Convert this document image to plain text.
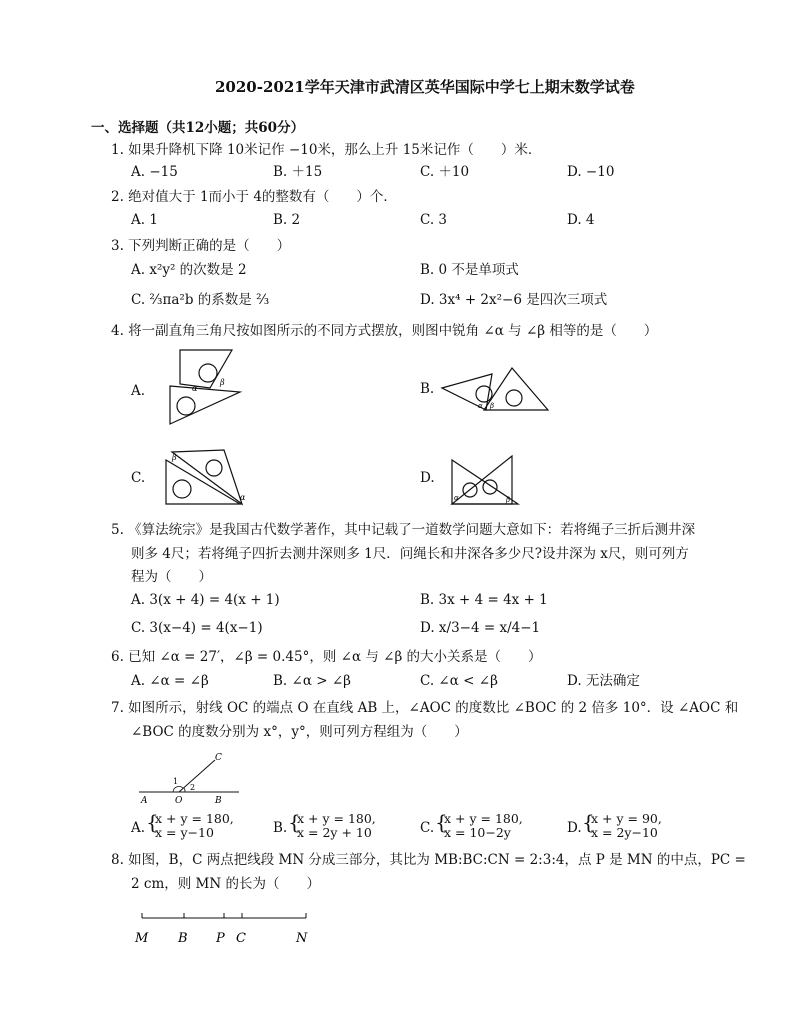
2020-2021学年天津市武清区英华国际中学七上期末数学试卷
一、选择题（共12小题；共60分）
1. 如果升降机下降 10米记作 −10米，那么上升 15米记作（　　）米．
A. −15	B. ＋15	C. ＋10	D. −10
2. 绝对值大于 1而小于 4的整数有（　　）个．
A. 1	B. 2	C. 3	D. 4
3. 下列判断正确的是（　　）
A. x²y² 的次数是 2	B. 0 不是单项式
C. ⅔πa²b 的系数是 ⅔	D. 3x⁴ + 2x²−6 是四次三项式
4. 将一副直角三角尺按如图所示的不同方式摆放，则图中锐角 ∠α 与 ∠β 相等的是（　　）
A.	B.
C.	D.
α
β
α β
β
α	α	β
5. 《算法统宗》是我国古代数学著作，其中记载了一道数学问题大意如下：若将绳子三折后测井深
则多 4尺；若将绳子四折去测井深则多 1尺．问绳长和井深各多少尺?设井深为 x尺，则可列方
程为（　　）
A. 3(x + 4) = 4(x + 1)	B. 3x + 4 = 4x + 1
C. 3(x−4) = 4(x−1)	D. x/3−4 = x/4−1
6. 已知 ∠α = 27′，∠β = 0.45°，则 ∠α 与 ∠β 的大小关系是（　　）
A. ∠α = ∠β	B. ∠α > ∠β	C. ∠α < ∠β	D. 无法确定
7. 如图所示，射线 OC 的端点 O 在直线 AB 上，∠AOC 的度数比 ∠BOC 的 2 倍多 10°．设 ∠AOC 和
∠BOC 的度数分别为 x°，y°，则可列方程组为（　　）
C
A	O	B
1
2
A. {
x + y = 180,
x = y−10	B. {
x + y = 180,
x = 2y + 10	C. {
x + y = 180,
x = 10−2y	D. {
x + y = 90,
x = 2y−10
8. 如图，B，C 两点把线段 MN 分成三部分，其比为 MB:BC:CN = 2:3:4，点 P 是 MN 的中点，PC =
2 cm，则 MN 的长为（　　）
M B P C	N
